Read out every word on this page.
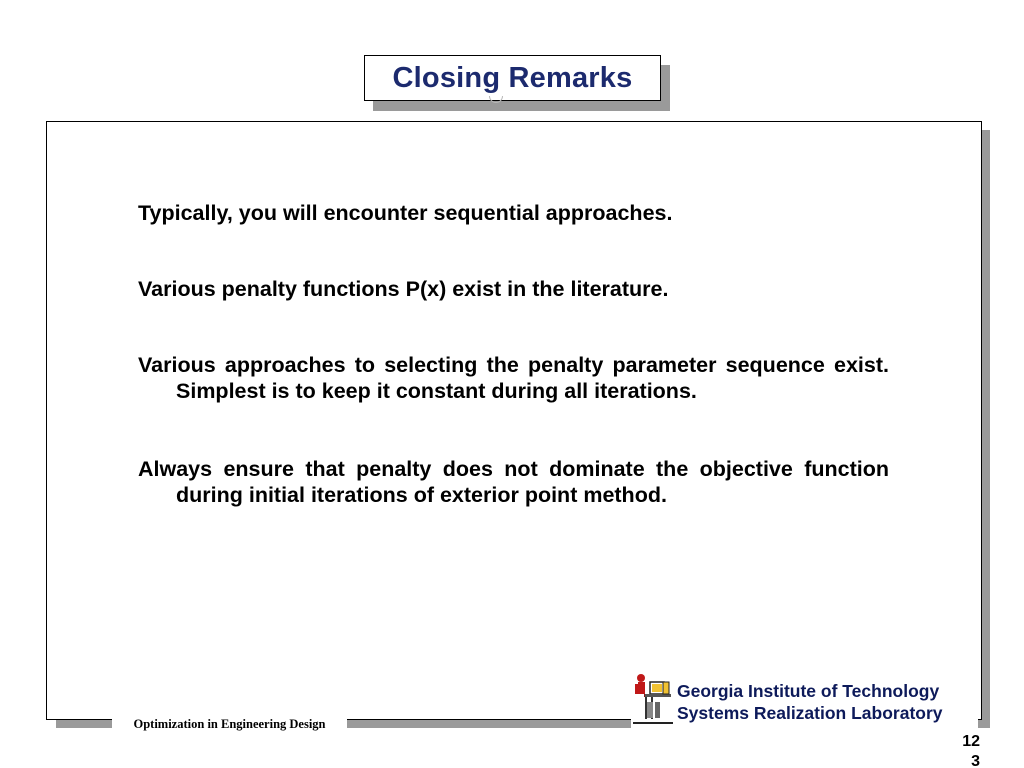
Closing Remarks

Typically, you will encounter sequential approaches.

Various penalty functions P(x) exist in the literature.

Various approaches to selecting the penalty parameter sequence exist. Simplest is to keep it constant during all iterations.

Always ensure that penalty does not dominate the objective function during initial iterations of exterior point method.

Optimization in Engineering Design
Georgia Institute of Technology
Systems Realization Laboratory
12
3
